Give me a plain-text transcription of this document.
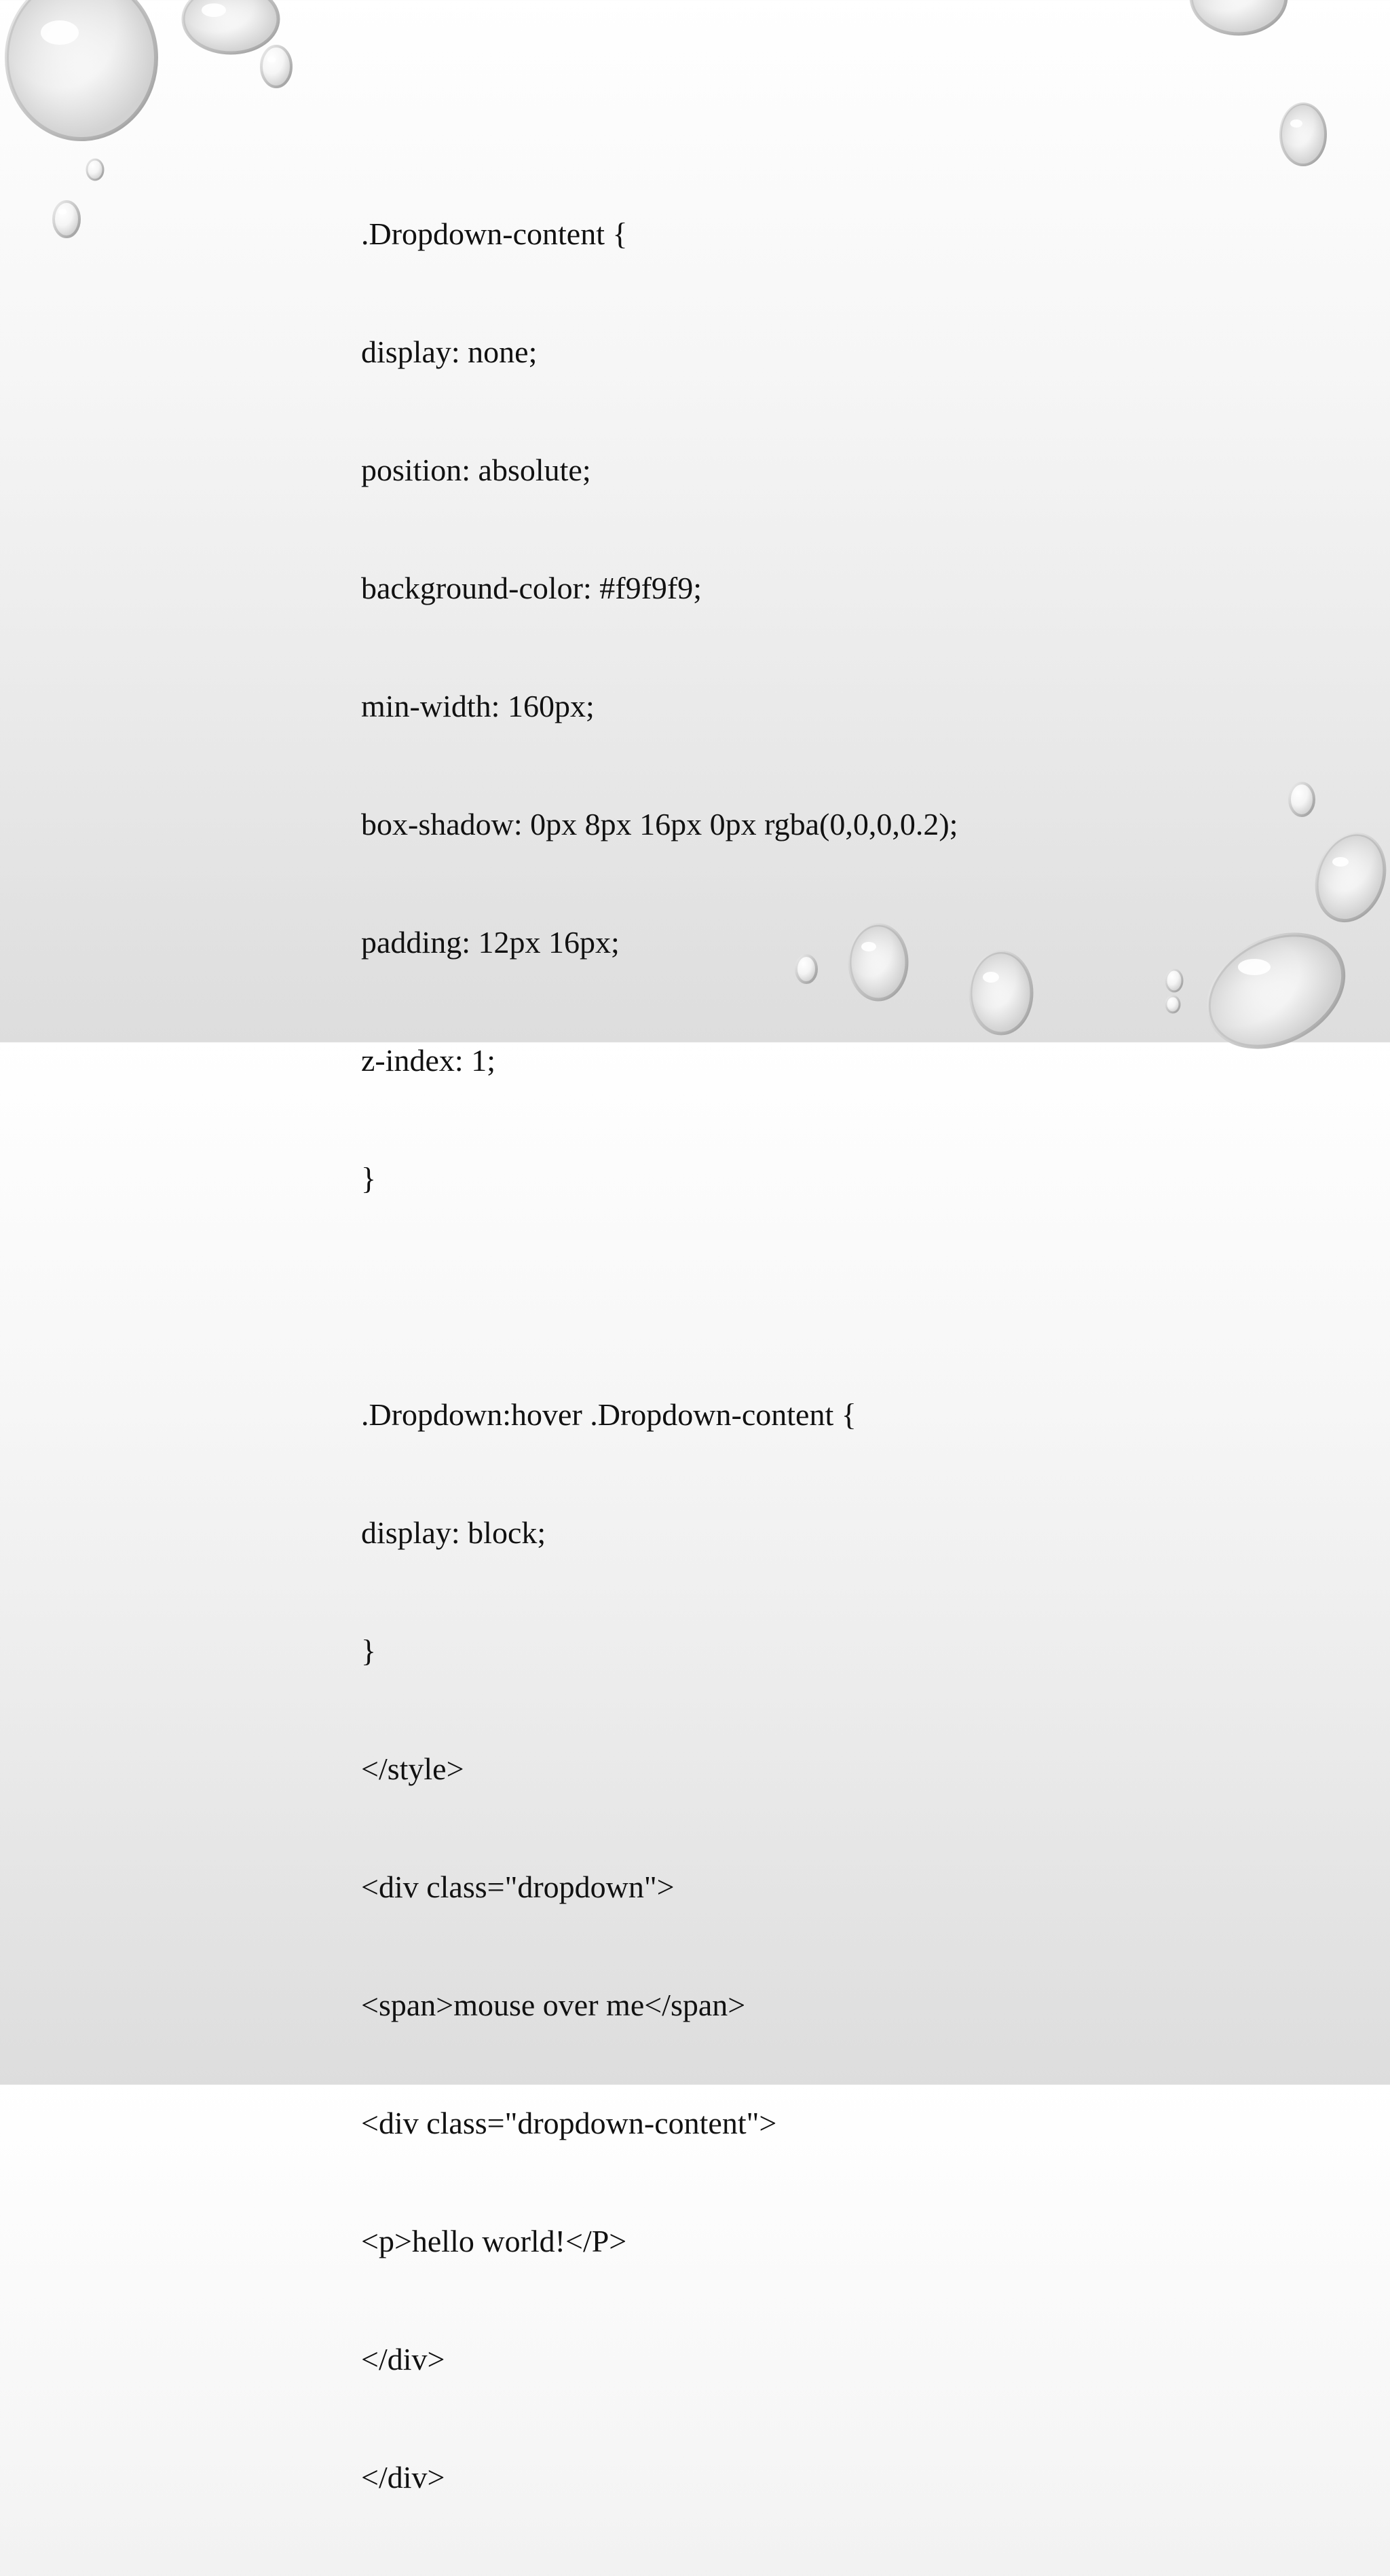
.Dropdown-content {

display: none;

position: absolute;

background-color: #f9f9f9;

min-width: 160px;

box-shadow: 0px 8px 16px 0px rgba(0,0,0,0.2);

padding: 12px 16px;

z-index: 1;

}

.Dropdown:hover .Dropdown-content {

display: block;

}

</style>

<div class="dropdown">

<span>mouse over me</span>

<div class="dropdown-content">

<p>hello world!</P>

</div>

</div>
